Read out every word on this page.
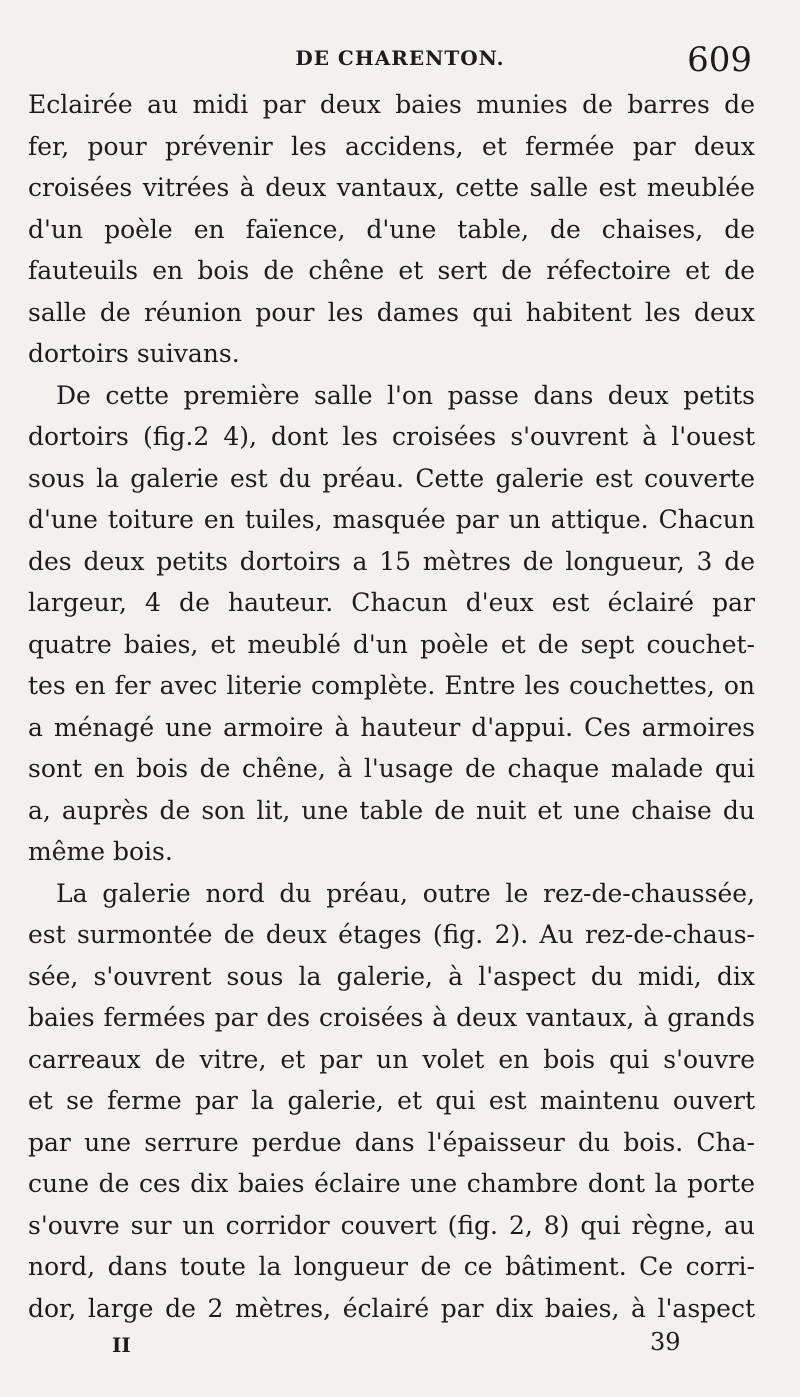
DE CHARENTON.	609
Eclairée au midi par deux baies munies de barres de
fer, pour prévenir les accidens, et fermée par deux
croisées vitrées à deux vantaux, cette salle est meublée
d'un poèle en faïence, d'une table, de chaises, de
fauteuils en bois de chêne et sert de réfectoire et de
salle de réunion pour les dames qui habitent les deux
dortoirs suivans.
De cette première salle l'on passe dans deux petits
dortoirs (fig.2 4), dont les croisées s'ouvrent à l'ouest
sous la galerie est du préau. Cette galerie est couverte
d'une toiture en tuiles, masquée par un attique. Chacun
des deux petits dortoirs a 15 mètres de longueur, 3 de
largeur, 4 de hauteur. Chacun d'eux est éclairé par
quatre baies, et meublé d'un poèle et de sept couchet-
tes en fer avec literie complète. Entre les couchettes, on
a ménagé une armoire à hauteur d'appui. Ces armoires
sont en bois de chêne, à l'usage de chaque malade qui
a, auprès de son lit, une table de nuit et une chaise du
même bois.
La galerie nord du préau, outre le rez-de-chaussée,
est surmontée de deux étages (fig. 2). Au rez-de-chaus-
sée, s'ouvrent sous la galerie, à l'aspect du midi, dix
baies fermées par des croisées à deux vantaux, à grands
carreaux de vitre, et par un volet en bois qui s'ouvre
et se ferme par la galerie, et qui est maintenu ouvert
par une serrure perdue dans l'épaisseur du bois. Cha-
cune de ces dix baies éclaire une chambre dont la porte
s'ouvre sur un corridor couvert (fig. 2, 8) qui règne, au
nord, dans toute la longueur de ce bâtiment. Ce corri-
dor, large de 2 mètres, éclairé par dix baies, à l'aspect
II	39
